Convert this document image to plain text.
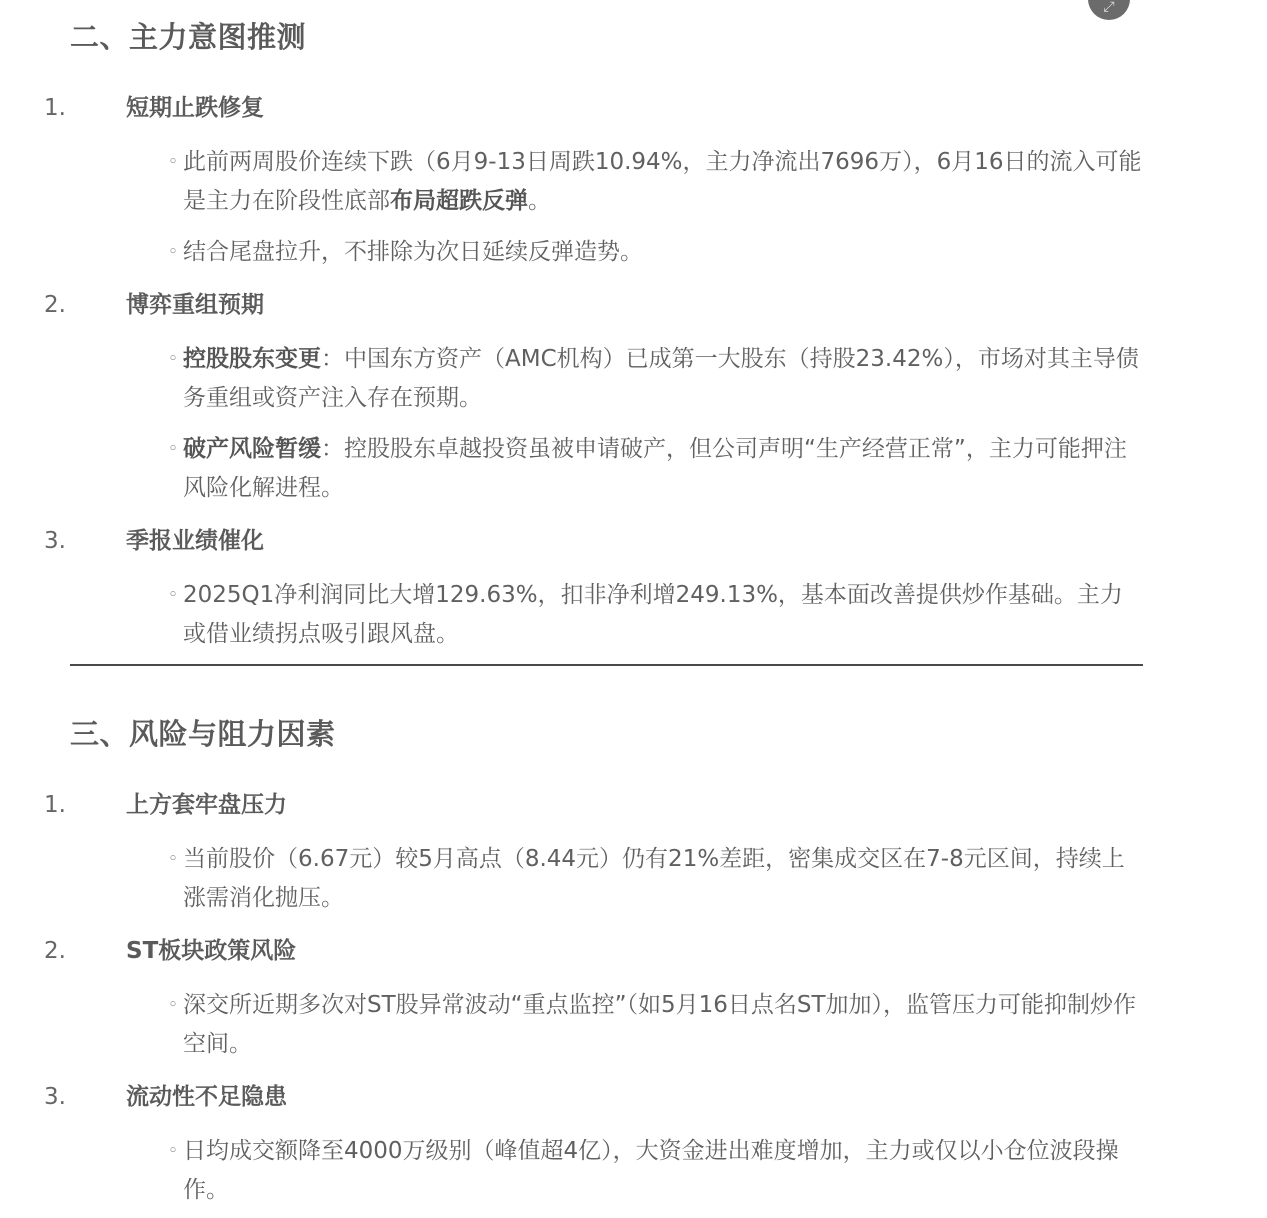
⤢
二、主力意图推测
1.	短期止跌修复
◦ 此前两周股价连续下跌（6月9-13日周跌10.94%，主力净流出7696万），6月16日的流入可能是主力在阶段性底部布局超跌反弹。
◦ 结合尾盘拉升，不排除为次日延续反弹造势。
2.	博弈重组预期
◦ 控股股东变更：中国东方资产（AMC机构）已成第一大股东（持股23.42%），市场对其主导债务重组或资产注入存在预期。
◦ 破产风险暂缓：控股股东卓越投资虽被申请破产，但公司声明“生产经营正常”，主力可能押注风险化解进程。
3.	季报业绩催化
◦ 2025Q1净利润同比大增129.63%，扣非净利增249.13%，基本面改善提供炒作基础。主力或借业绩拐点吸引跟风盘。
三、风险与阻力因素
1.	上方套牢盘压力
◦ 当前股价（6.67元）较5月高点（8.44元）仍有21%差距，密集成交区在7-8元区间，持续上涨需消化抛压。
2.	ST板块政策风险
◦ 深交所近期多次对ST股异常波动“重点监控”（如5月16日点名ST加加），监管压力可能抑制炒作空间。
3.	流动性不足隐患
◦ 日均成交额降至4000万级别（峰值超4亿），大资金进出难度增加，主力或仅以小仓位波段操作。
